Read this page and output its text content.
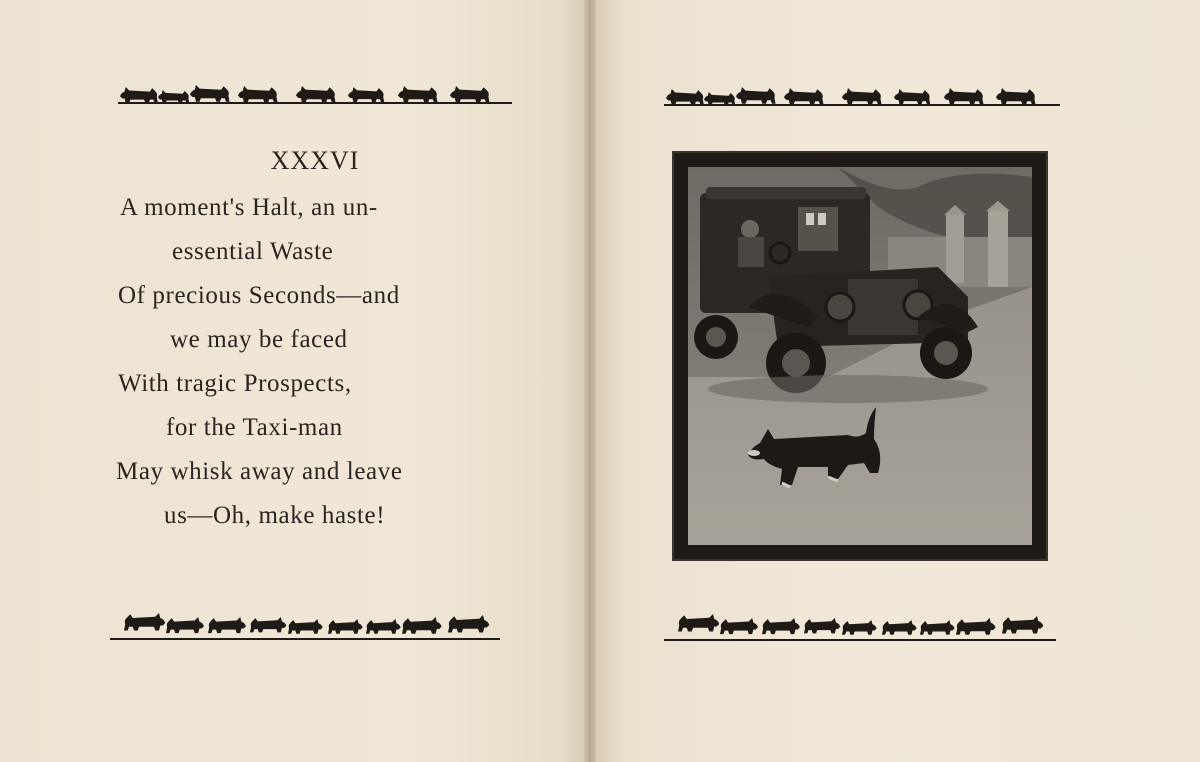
XXXVI
A moment's Halt, an un-
essential Waste
Of precious Seconds—and
we may be faced
With tragic Prospects,
for the Taxi-man
May whisk away and leave
us—Oh, make haste!
